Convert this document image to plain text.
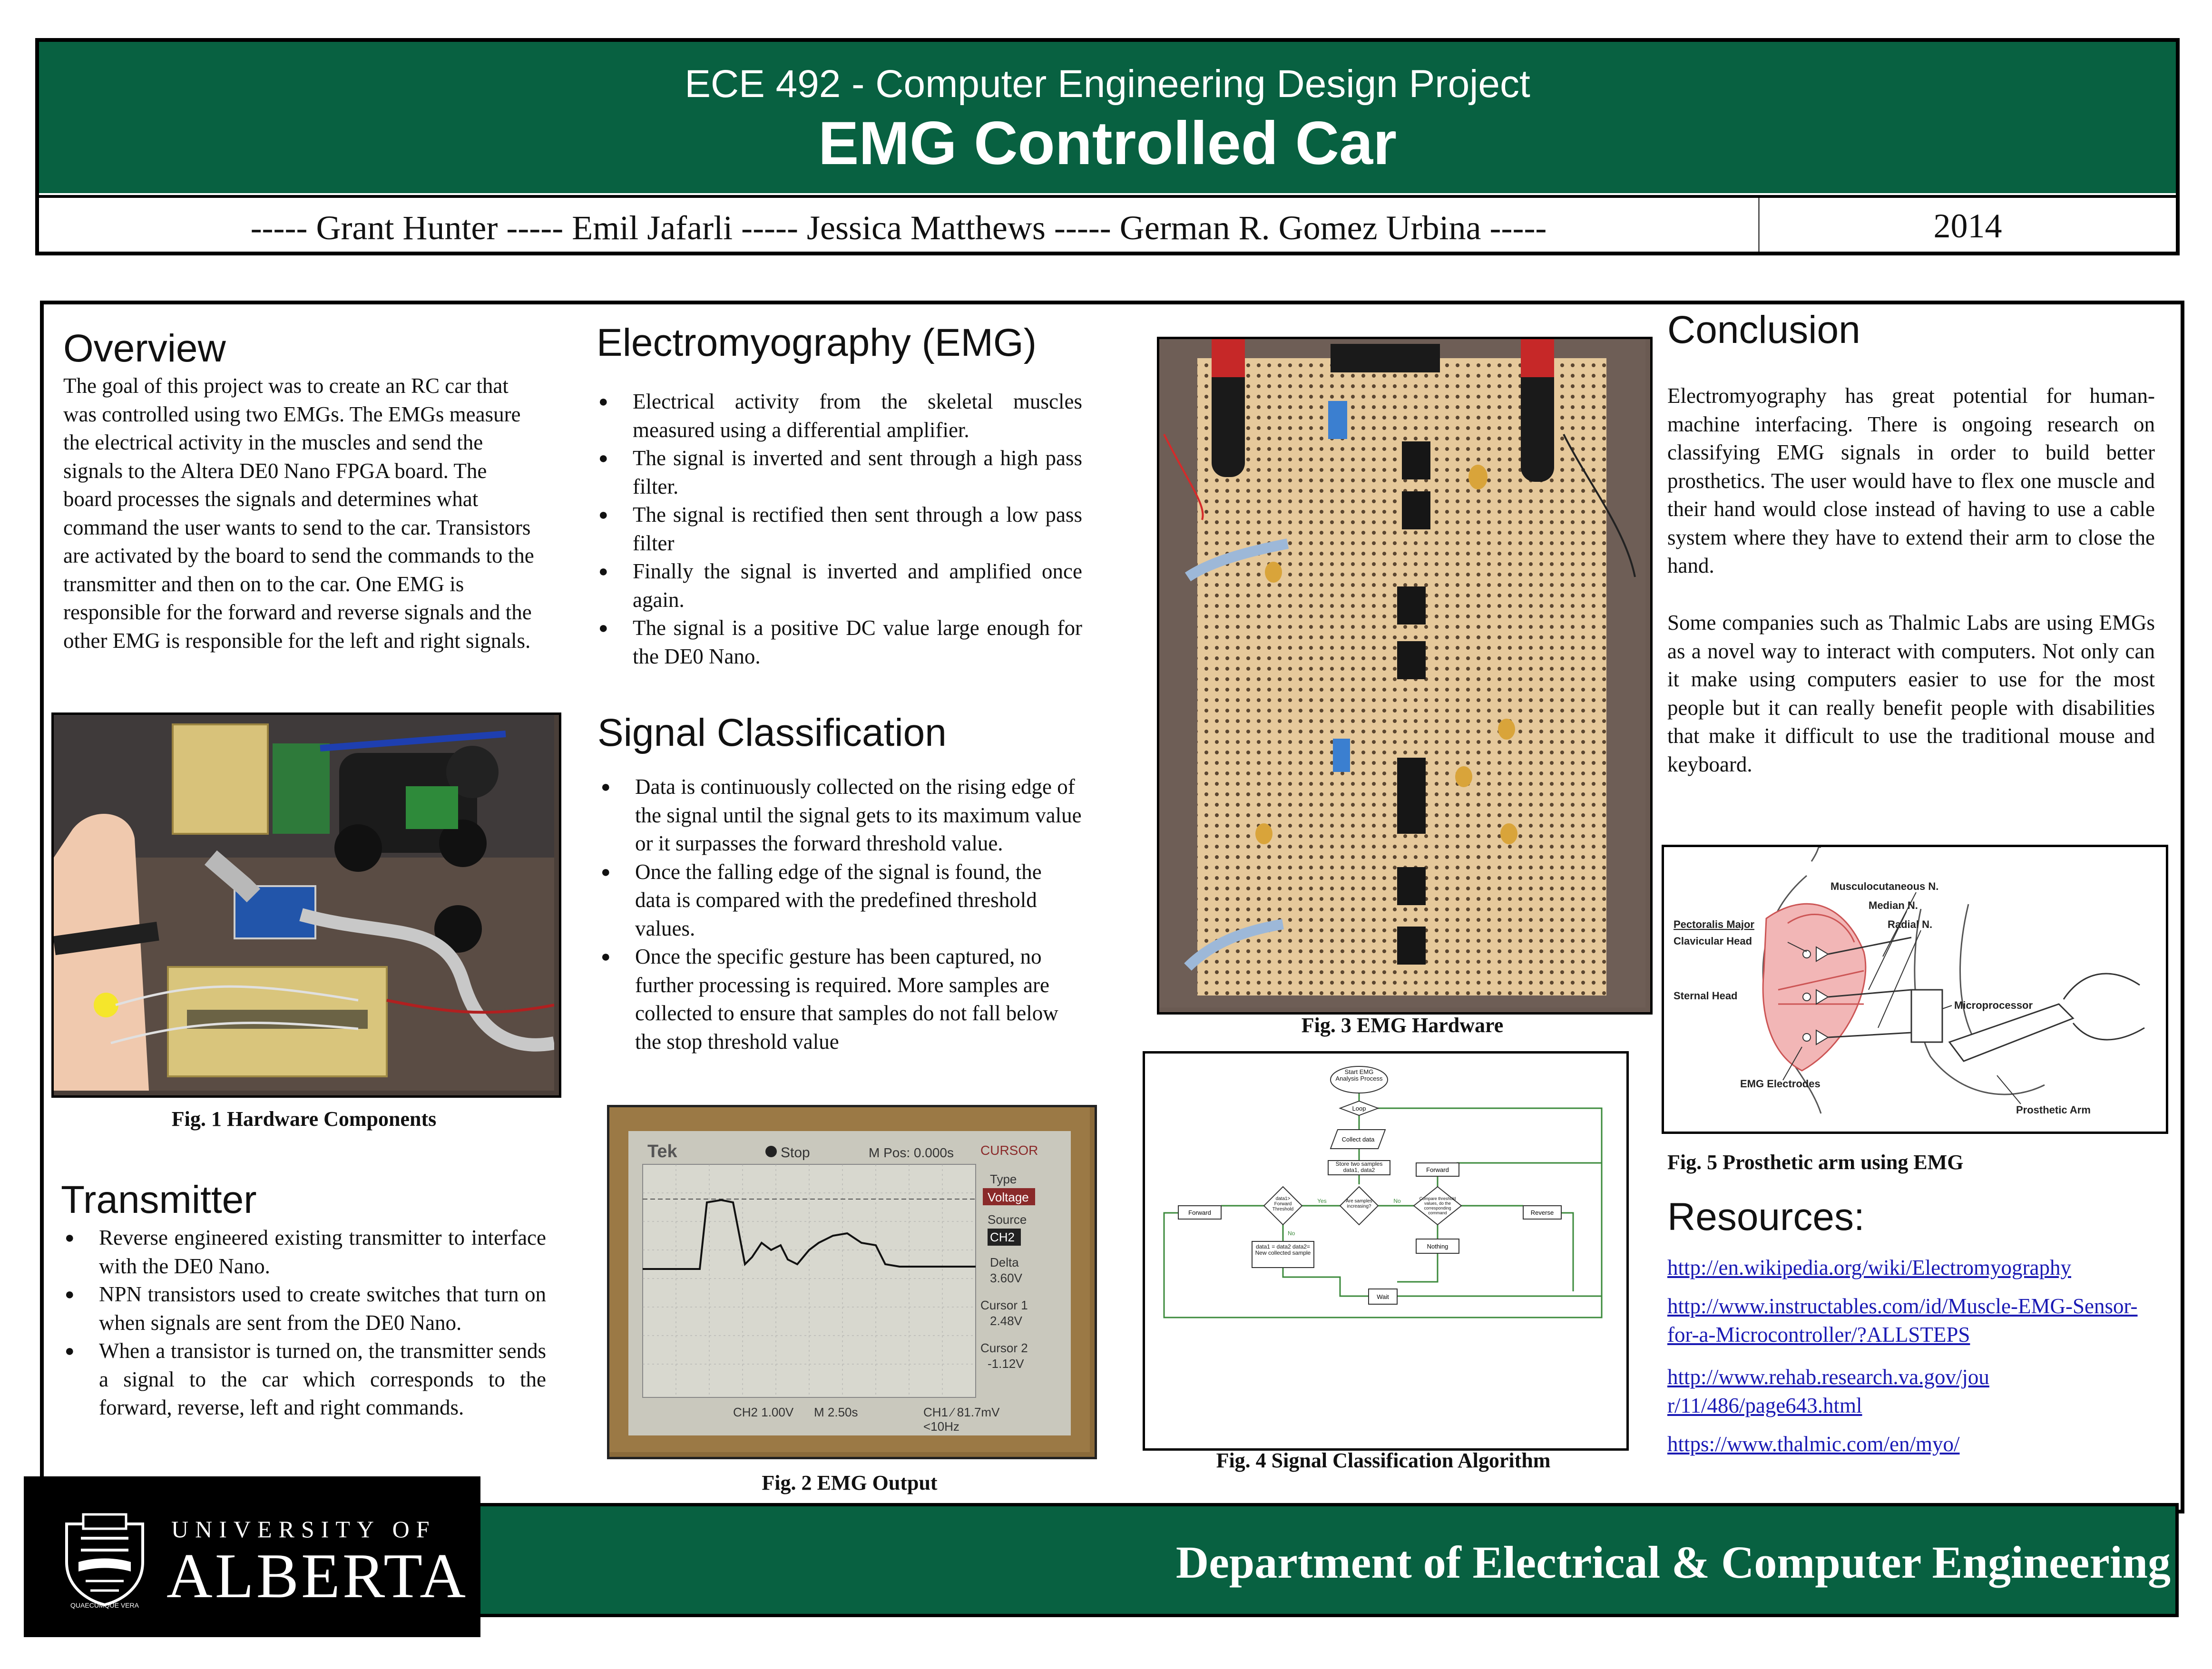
ECE 492 - Computer Engineering Design Project
EMG Controlled Car
----- Grant Hunter ----- Emil Jafarli ----- Jessica Matthews ----- German R. Gomez Urbina -----	2014
Overview
The goal of this project was to create an RC car that was controlled using two EMGs. The EMGs measure the electrical activity in the muscles and send the signals to the Altera DE0 Nano FPGA board. The board processes the signals and determines what command the user wants to send to the car. Transistors are activated by the board to send the commands to the transmitter and then on to the car. One EMG is responsible for the forward and reverse signals and the other EMG is responsible for the left and right signals.
Fig. 1 Hardware Components
Transmitter
● Reverse engineered existing transmitter to interface with the DE0 Nano.
● NPN transistors used to create switches that turn on when signals are sent from the DE0 Nano.
● When a transistor is turned on, the transmitter sends a signal to the car which corresponds to the forward, reverse, left and right commands.
Electromyography (EMG)
● Electrical activity from the skeletal muscles measured using a differential amplifier.
● The signal is inverted and sent through a high pass filter.
● The signal is rectified then sent through a low pass filter
● Finally the signal is inverted and amplified once again.
● The signal is a positive DC value large enough for the DE0 Nano.
Signal Classification
● Data is continuously collected on the rising edge of the signal until the signal gets to its maximum value or it surpasses the forward threshold value.
● Once the falling edge of the signal is found, the data is compared with the predefined threshold values.
● Once the specific gesture has been captured, no further processing is required. More samples are collected to ensure that samples do not fall below the stop threshold value
Tek	Stop	M Pos: 0.000s CURSOR
Type
Voltage
Source
CH2
Delta
3.60V
Cursor 1
2.48V
Cursor 2
-1.12V
CH2 1.00V M 2.50s	CH1 ∕ 81.7mV
<10Hz
Fig. 2 EMG Output
Fig. 3 EMG Hardware
Start EMG Analysis Process
Loop
Collect data
Store two samples data1, data2	Forward
data1> Forward Threshold
Are samples increasing?
Compare threshold values, do the corresponding command
Forward	Reverse
Nothing
data1 = data2 data2= New collected sample
Wait
Yes	No
No
Fig. 4 Signal Classification Algorithm
Conclusion
Electromyography has great potential for human-machine interfacing. There is ongoing research on classifying EMG signals in order to build better prosthetics. The user would have to flex one muscle and their hand would close instead of having to use a cable system where they have to extend their arm to close the hand.
Some companies such as Thalmic Labs are using EMGs as a novel way to interact with computers. Not only can it make using computers easier to use for the most people but it can really benefit people with disabilities that make it difficult to use the traditional mouse and keyboard.
Musculocutaneous N.
Median N.
Radial N.
Pectoralis Major
Clavicular Head
Sternal Head
Microprocessor
EMG Electrodes
Prosthetic Arm
Fig. 5 Prosthetic arm using EMG
Resources:
http://en.wikipedia.org/wiki/Electromyography
http://www.instructables.com/id/Muscle-EMG-Sensor-for-a-Microcontroller/?ALLSTEPS
http://www.rehab.research.va.gov/jour/11/486/page643.html
https://www.thalmic.com/en/myo/
Department of Electrical & Computer Engineering
QUAECUMQUE VERA
UNIVERSITY OF
ALBERTA
